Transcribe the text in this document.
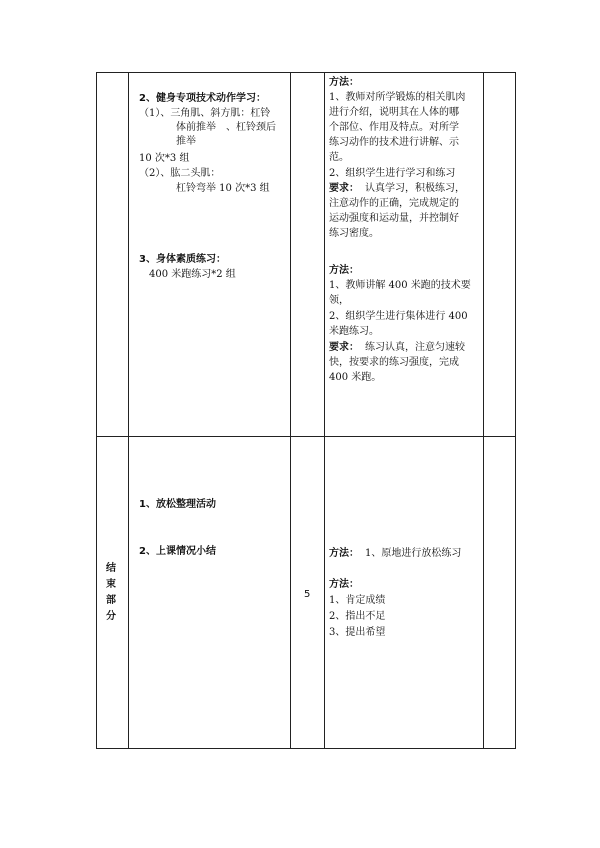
2、健身专项技术动作学习：
（1）、三角肌、斜方肌：杠铃
体前推举　、杠铃颈后
推举
10 次*3 组
（2）、肱二头肌：
杠铃弯举 10 次*3 组
3、身体素质练习：
400 米跑练习*2 组
方法：
1、教师对所学锻炼的相关肌肉
进行介绍，说明其在人体的哪
个部位、作用及特点。对所学
练习动作的技术进行讲解、示
范。
2、组织学生进行学习和练习
要求： 认真学习，积极练习，
注意动作的正确，完成规定的
运动强度和运动量，并控制好
练习密度。
方法：
1、教师讲解 400 米跑的技术要
领，
2、组织学生进行集体进行 400
米跑练习。
要求： 练习认真，注意匀速较
快，按要求的练习强度，完成
400 米跑。
结
束
部
分
1、放松整理活动
2、上课情况小结
5
方法： 1、原地进行放松练习
方法：
1、肯定成绩
2、指出不足
3、提出希望
